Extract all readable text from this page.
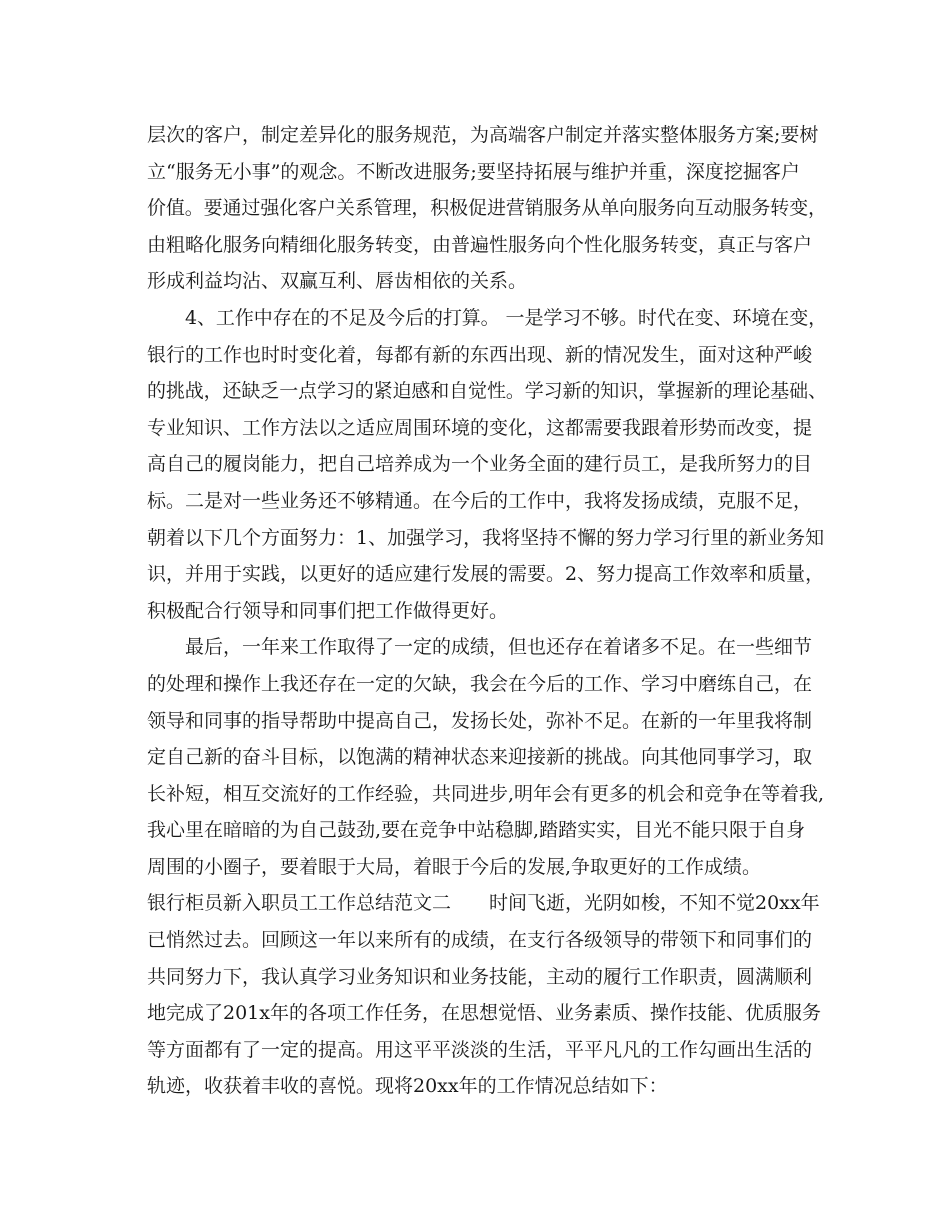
层次的客户，制定差异化的服务规范，为高端客户制定并落实整体服务方案;要树
立“服务无小事”的观念。不断改进服务;要坚持拓展与维护并重，深度挖掘客户
价值。要通过强化客户关系管理，积极促进营销服务从单向服务向互动服务转变，
由粗略化服务向精细化服务转变，由普遍性服务向个性化服务转变，真正与客户
形成利益均沾、双赢互利、唇齿相依的关系。
4、工作中存在的不足及今后的打算。 一是学习不够。时代在变、环境在变，
银行的工作也时时变化着，每都有新的东西出现、新的情况发生，面对这种严峻
的挑战，还缺乏一点学习的紧迫感和自觉性。学习新的知识，掌握新的理论基础、
专业知识、工作方法以之适应周围环境的变化，这都需要我跟着形势而改变，提
高自己的履岗能力，把自己培养成为一个业务全面的建行员工，是我所努力的目
标。二是对一些业务还不够精通。在今后的工作中，我将发扬成绩，克服不足，
朝着以下几个方面努力：1、加强学习，我将坚持不懈的努力学习行里的新业务知
识，并用于实践，以更好的适应建行发展的需要。2、努力提高工作效率和质量，
积极配合行领导和同事们把工作做得更好。
最后，一年来工作取得了一定的成绩，但也还存在着诸多不足。在一些细节
的处理和操作上我还存在一定的欠缺，我会在今后的工作、学习中磨练自己，在
领导和同事的指导帮助中提高自己，发扬长处，弥补不足。在新的一年里我将制
定自己新的奋斗目标，以饱满的精神状态来迎接新的挑战。向其他同事学习，取
长补短，相互交流好的工作经验，共同进步,明年会有更多的机会和竞争在等着我,
我心里在暗暗的为自己鼓劲,要在竞争中站稳脚,踏踏实实，目光不能只限于自身
周围的小圈子，要着眼于大局，着眼于今后的发展,争取更好的工作成绩。
银行柜员新入职员工工作总结范文二　　时间飞逝，光阴如梭，不知不觉20xx年
已悄然过去。回顾这一年以来所有的成绩，在支行各级领导的带领下和同事们的
共同努力下，我认真学习业务知识和业务技能，主动的履行工作职责，圆满顺利
地完成了201x年的各项工作任务，在思想觉悟、业务素质、操作技能、优质服务
等方面都有了一定的提高。用这平平淡淡的生活，平平凡凡的工作勾画出生活的
轨迹，收获着丰收的喜悦。现将20xx年的工作情况总结如下：
